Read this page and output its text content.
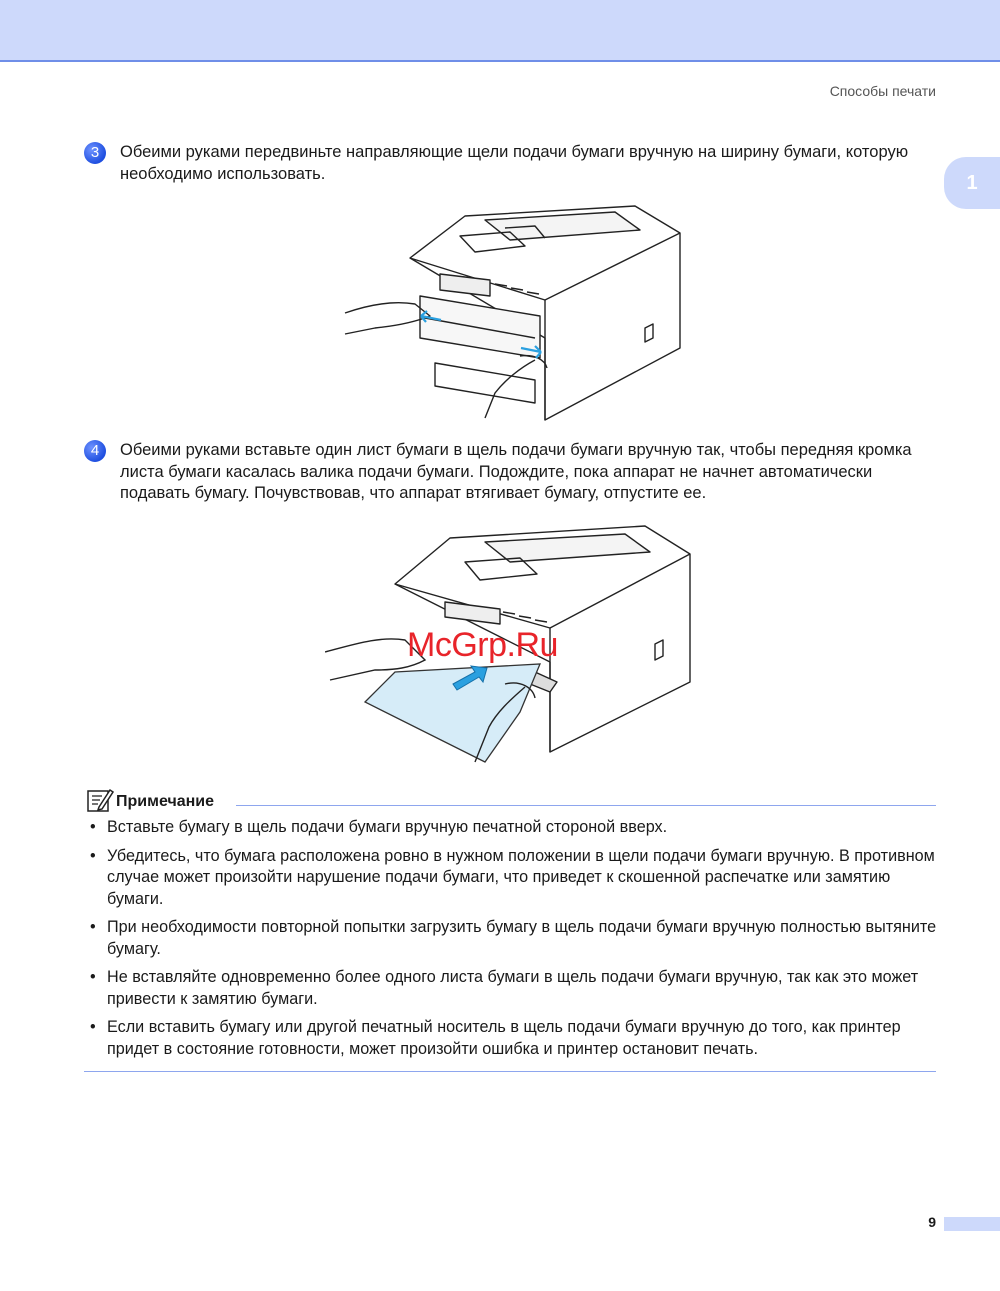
Способы печати
1
3	Обеими руками передвиньте направляющие щели подачи бумаги вручную на ширину бумаги, которую необходимо использовать.
4	Обеими руками вставьте один лист бумаги в щель подачи бумаги вручную так, чтобы передняя кромка листа бумаги касалась валика подачи бумаги. Подождите, пока аппарат не начнет автоматически подавать бумагу. Почувствовав, что аппарат втягивает бумагу, отпустите ее.
McGrp.Ru
Примечание
• Вставьте бумагу в щель подачи бумаги вручную печатной стороной вверх.
• Убедитесь, что бумага расположена ровно в нужном положении в щели подачи бумаги вручную. В противном случае может произойти нарушение подачи бумаги, что приведет к скошенной распечатке или замятию бумаги.
• При необходимости повторной попытки загрузить бумагу в щель подачи бумаги вручную полностью вытяните бумагу.
• Не вставляйте одновременно более одного листа бумаги в щель подачи бумаги вручную, так как это может привести к замятию бумаги.
• Если вставить бумагу или другой печатный носитель в щель подачи бумаги вручную до того, как принтер придет в состояние готовности, может произойти ошибка и принтер остановит печать.
9
